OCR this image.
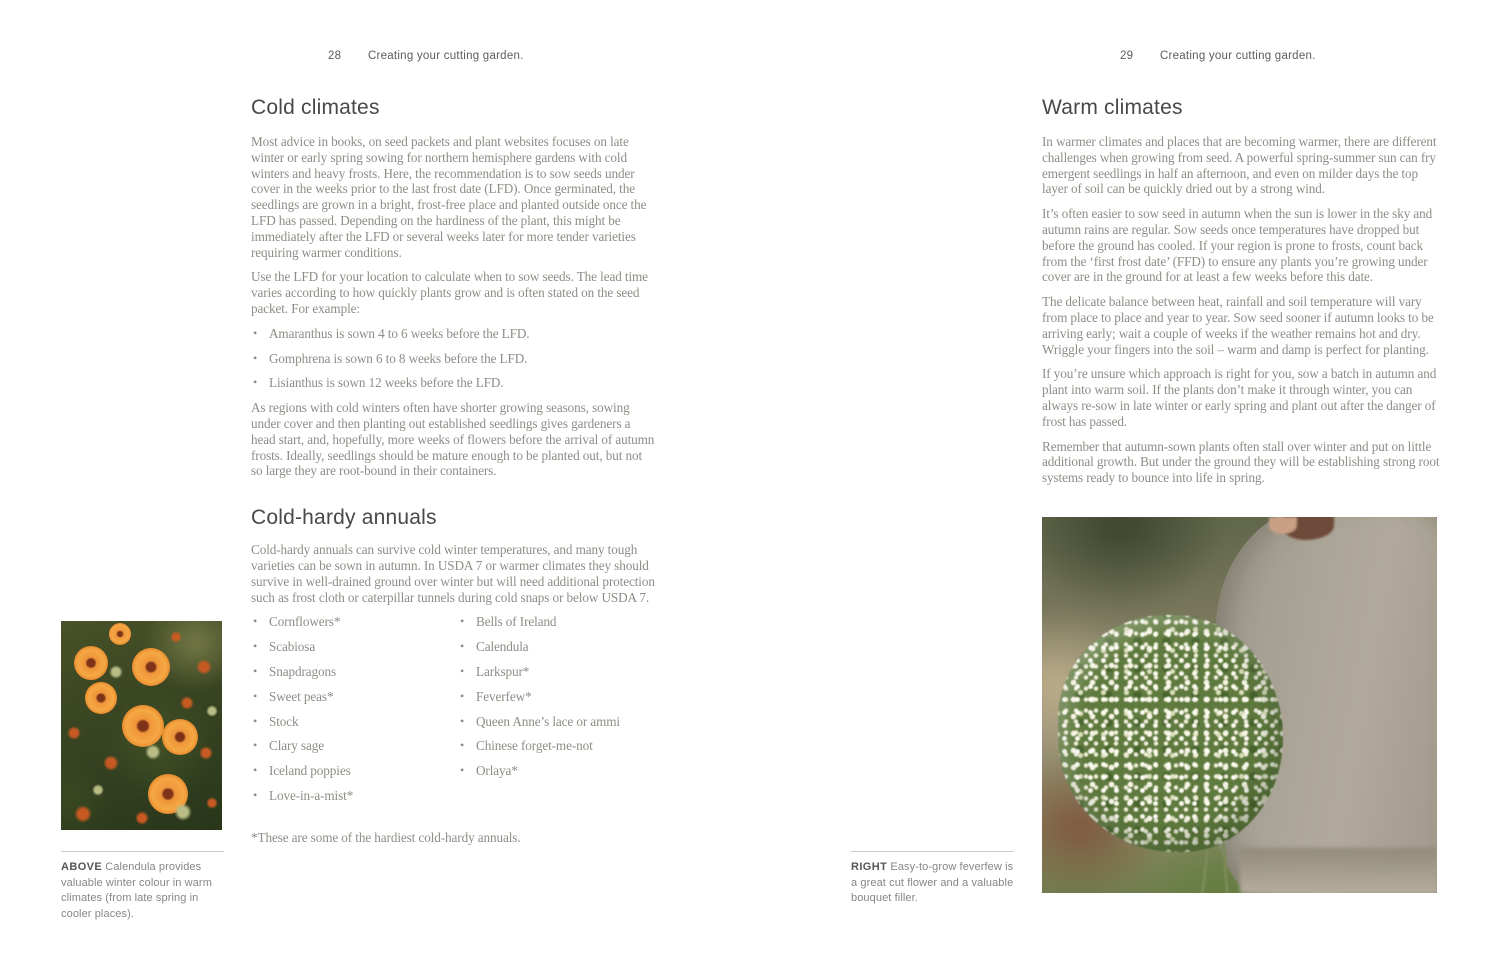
28 Creating your cutting garden.
Cold climates

Most advice in books, on seed packets and plant websites focuses on late winter or early spring sowing for northern hemisphere gardens with cold winters and heavy frosts. Here, the recommendation is to sow seeds under cover in the weeks prior to the last frost date (LFD). Once germinated, the seedlings are grown in a bright, frost-free place and planted outside once the LFD has passed. Depending on the hardiness of the plant, this might be immediately after the LFD or several weeks later for more tender varieties requiring warmer conditions.

Use the LFD for your location to calculate when to sow seeds. The lead time varies according to how quickly plants grow and is often stated on the seed packet. For example:

• Amaranthus is sown 4 to 6 weeks before the LFD.
• Gomphrena is sown 6 to 8 weeks before the LFD.
• Lisianthus is sown 12 weeks before the LFD.

As regions with cold winters often have shorter growing seasons, sowing under cover and then planting out established seedlings gives gardeners a head start, and, hopefully, more weeks of flowers before the arrival of autumn frosts. Ideally, seedlings should be mature enough to be planted out, but not so large they are root-bound in their containers.

Cold-hardy annuals

Cold-hardy annuals can survive cold winter temperatures, and many tough varieties can be sown in autumn. In USDA 7 or warmer climates they should survive in well-drained ground over winter but will need additional protection such as frost cloth or caterpillar tunnels during cold snaps or below USDA 7.

• Cornflowers*
• Scabiosa
• Snapdragons
• Sweet peas*
• Stock
• Clary sage
• Iceland poppies
• Love-in-a-mist*
• Bells of Ireland
• Calendula
• Larkspur*
• Feverfew*
• Queen Anne’s lace or ammi
• Chinese forget-me-not
• Orlaya*

*These are some of the hardiest cold-hardy annuals.

ABOVE Calendula provides valuable winter colour in warm climates (from late spring in cooler places).
29 Creating your cutting garden.
Warm climates

In warmer climates and places that are becoming warmer, there are different challenges when growing from seed. A powerful spring-summer sun can fry emergent seedlings in half an afternoon, and even on milder days the top layer of soil can be quickly dried out by a strong wind.

It’s often easier to sow seed in autumn when the sun is lower in the sky and autumn rains are regular. Sow seeds once temperatures have dropped but before the ground has cooled. If your region is prone to frosts, count back from the ‘first frost date’ (FFD) to ensure any plants you’re growing under cover are in the ground for at least a few weeks before this date.

The delicate balance between heat, rainfall and soil temperature will vary from place to place and year to year. Sow seed sooner if autumn looks to be arriving early; wait a couple of weeks if the weather remains hot and dry. Wriggle your fingers into the soil – warm and damp is perfect for planting.

If you’re unsure which approach is right for you, sow a batch in autumn and plant into warm soil. If the plants don’t make it through winter, you can always re-sow in late winter or early spring and plant out after the danger of frost has passed.

Remember that autumn-sown plants often stall over winter and put on little additional growth. But under the ground they will be establishing strong root systems ready to bounce into life in spring.

RIGHT Easy-to-grow feverfew is a great cut flower and a valuable bouquet filler.
